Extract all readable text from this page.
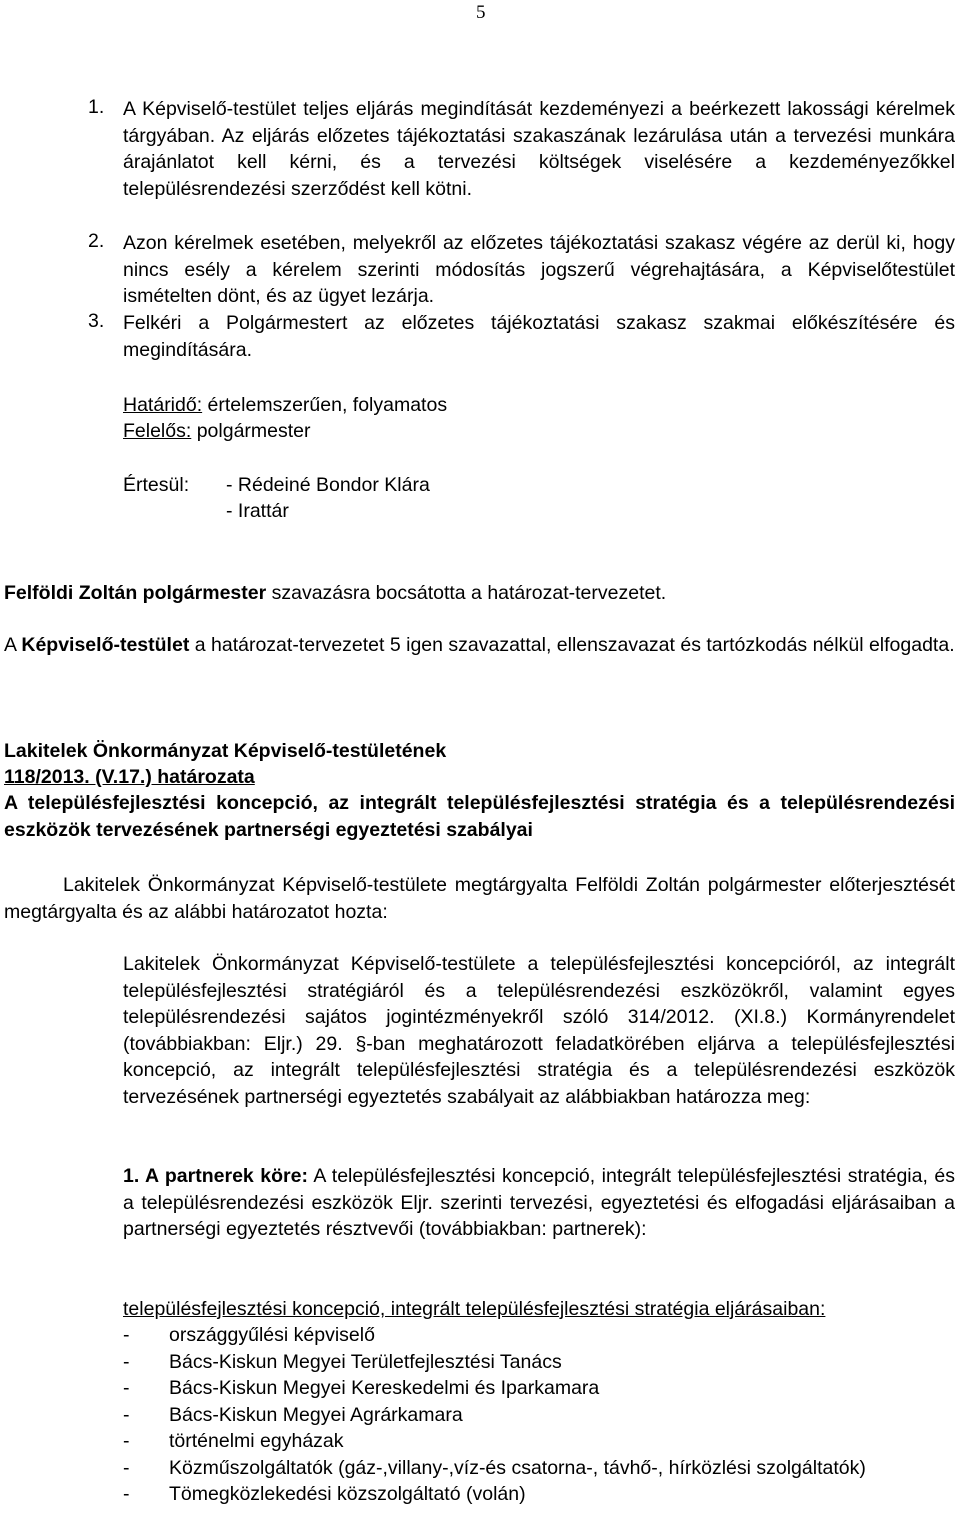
5
1. A Képviselő-testület teljes eljárás megindítását kezdeményezi a beérkezett lakossági kérelmek tárgyában. Az eljárás előzetes tájékoztatási szakaszának lezárulása után a tervezési munkára árajánlatot kell kérni, és a tervezési költségek viselésére a kezdeményezőkkel településrendezési szerződést kell kötni.
2. Azon kérelmek esetében, melyekről az előzetes tájékoztatási szakasz végére az derül ki, hogy nincs esély a kérelem szerinti módosítás jogszerű végrehajtására, a Képviselőtestület ismételten dönt, és az ügyet lezárja.
3. Felkéri a Polgármestert az előzetes tájékoztatási szakasz szakmai előkészítésére és megindítására.
Határidő: értelemszerűen, folyamatos
Felelős: polgármester
Értesül: - Rédeiné Bondor Klára
- Irattár
Felföldi Zoltán polgármester szavazásra bocsátotta a határozat-tervezetet.
A Képviselő-testület a határozat-tervezetet 5 igen szavazattal, ellenszavazat és tartózkodás nélkül elfogadta.
Lakitelek Önkormányzat Képviselő-testületének
118/2013. (V.17.) határozata
A településfejlesztési koncepció, az integrált településfejlesztési stratégia és a településrendezési eszközök tervezésének partnerségi egyeztetési szabályai
Lakitelek Önkormányzat Képviselő-testülete megtárgyalta Felföldi Zoltán polgármester előterjesztését megtárgyalta és az alábbi határozatot hozta:
Lakitelek Önkormányzat Képviselő-testülete a településfejlesztési koncepcióról, az integrált településfejlesztési stratégiáról és a településrendezési eszközökről, valamint egyes településrendezési sajátos jogintézményekről szóló 314/2012. (XI.8.) Kormányrendelet (továbbiakban: Eljr.) 29. §-ban meghatározott feladatkörében eljárva a településfejlesztési koncepció, az integrált településfejlesztési stratégia és a településrendezési eszközök tervezésének partnerségi egyeztetés szabályait az alábbiakban határozza meg:
1. A partnerek köre: A településfejlesztési koncepció, integrált településfejlesztési stratégia, és a településrendezési eszközök Eljr. szerinti tervezési, egyeztetési és elfogadási eljárásaiban a partnerségi egyeztetés résztvevői (továbbiakban: partnerek):
településfejlesztési koncepció, integrált településfejlesztési stratégia eljárásaiban:
- országgyűlési képviselő
- Bács-Kiskun Megyei Területfejlesztési Tanács
- Bács-Kiskun Megyei Kereskedelmi és Iparkamara
- Bács-Kiskun Megyei Agrárkamara
- történelmi egyházak
- Közműszolgáltatók (gáz-,villany-,víz-és csatorna-, távhő-, hírközlési szolgáltatók)
- Tömegközlekedési közszolgáltató (volán)
